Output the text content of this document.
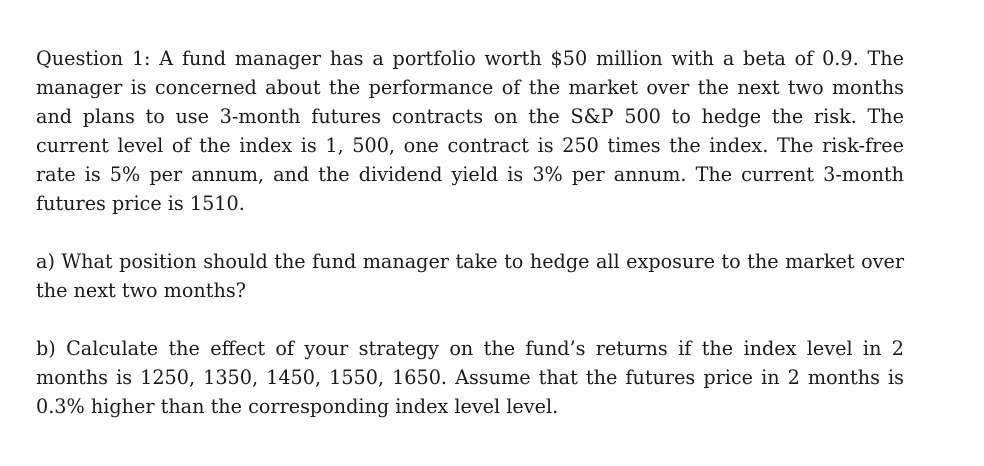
Question 1: A fund manager has a portfolio worth $50 million with a beta of 0.9. The manager is concerned about the performance of the market over the next two months and plans to use 3-month futures contracts on the S&P 500 to hedge the risk. The current level of the index is 1, 500, one contract is 250 times the index. The risk-free rate is 5% per annum, and the dividend yield is 3% per annum. The current 3-month futures price is 1510.

a) What position should the fund manager take to hedge all exposure to the market over the next two months?

b) Calculate the effect of your strategy on the fund’s returns if the index level in 2 months is 1250, 1350, 1450, 1550, 1650. Assume that the futures price in 2 months is 0.3% higher than the corresponding index level level.
